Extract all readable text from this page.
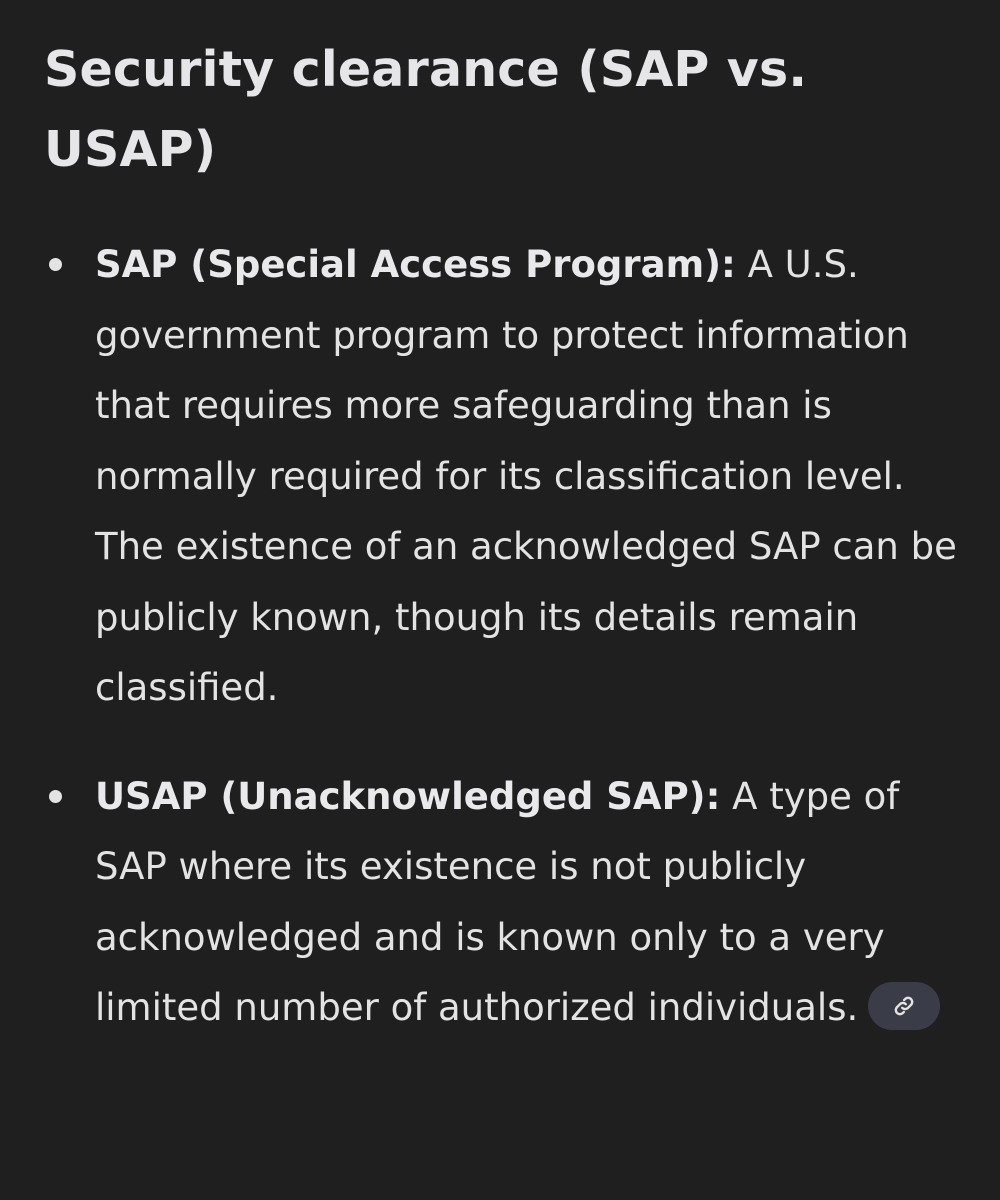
Security clearance (SAP vs. USAP)
SAP (Special Access Program): A U.S. government program to protect information that requires more safeguarding than is normally required for its classification level. The existence of an acknowledged SAP can be publicly known, though its details remain classified.
USAP (Unacknowledged SAP): A type of SAP where its existence is not publicly acknowledged and is known only to a very limited number of authorized individuals.
